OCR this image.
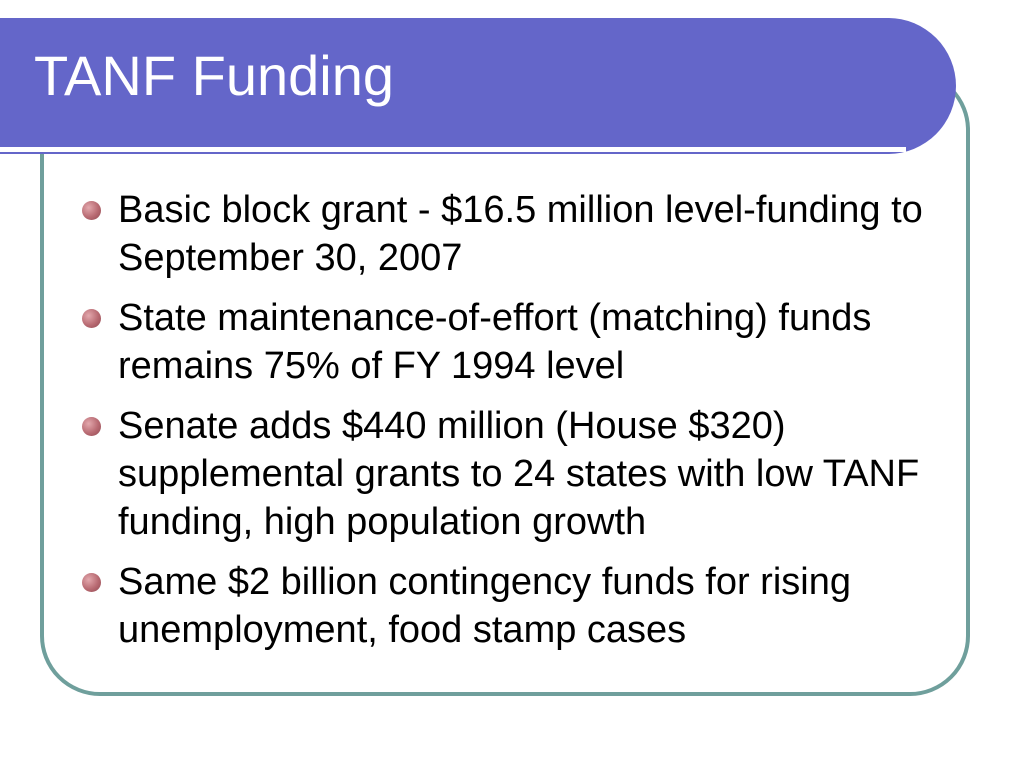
TANF Funding
Basic block grant - $16.5 million level-funding to September 30, 2007
State maintenance-of-effort (matching) funds remains 75% of FY 1994 level
Senate adds $440 million (House $320) supplemental grants to 24 states with low TANF funding, high population growth
Same $2 billion contingency funds for rising unemployment, food stamp cases
